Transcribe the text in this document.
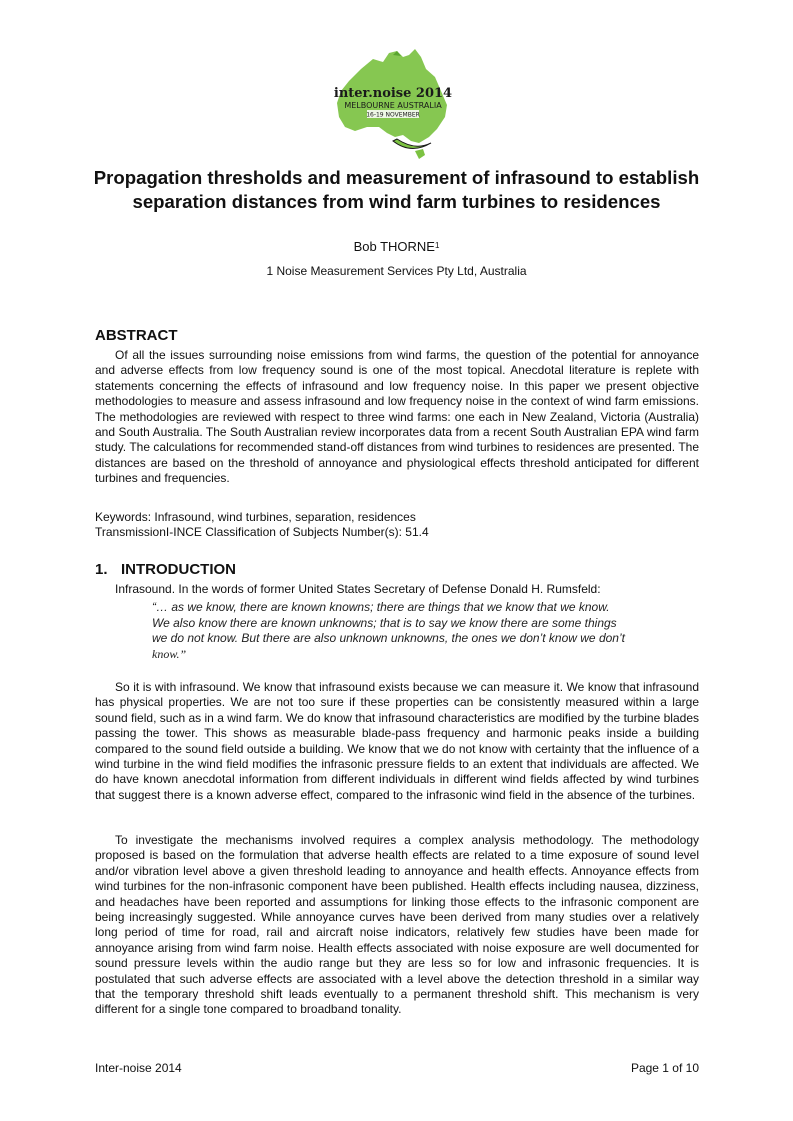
inter.noise 2014
MELBOURNE AUSTRALIA
16-19 NOVEMBER
Propagation thresholds and measurement of infrasound to establish
separation distances from wind farm turbines to residences
Bob THORNE$^1$
1 Noise Measurement Services Pty Ltd, Australia
ABSTRACT

Of all the issues surrounding noise emissions from wind farms, the question of the potential for annoyance and adverse effects from low frequency sound is one of the most topical. Anecdotal literature is replete with statements concerning the effects of infrasound and low frequency noise. In this paper we present objective methodologies to measure and assess infrasound and low frequency noise in the context of wind farm emissions. The methodologies are reviewed with respect to three wind farms: one each in New Zealand, Victoria (Australia) and South Australia. The South Australian review incorporates data from a recent South Australian EPA wind farm study. The calculations for recommended stand-off distances from wind turbines to residences are presented. The distances are based on the threshold of annoyance and physiological effects threshold anticipated for different turbines and frequencies.

Keywords: Infrasound, wind turbines, separation, residences

TransmissionI-INCE Classification of Subjects Number(s): 51.4

1. INTRODUCTION
Infrasound. In the words of former United States Secretary of Defense Donald H. Rumsfeld:

“… as we know, there are known knowns; there are things that we know that we know.
We also know there are known unknowns; that is to say we know there are some things
we do not know. But there are also unknown unknowns, the ones we don’t know we don’t
know.”

So it is with infrasound. We know that infrasound exists because we can measure it. We know that infrasound has physical properties. We are not too sure if these properties can be consistently measured within a large sound field, such as in a wind farm. We do know that infrasound characteristics are modified by the turbine blades passing the tower. This shows as measurable blade-pass frequency and harmonic peaks inside a building compared to the sound field outside a building. We know that we do not know with certainty that the influence of a wind turbine in the wind field modifies the infrasonic pressure fields to an extent that individuals are affected. We do have known anecdotal information from different individuals in different wind fields affected by wind turbines that suggest there is a known adverse effect, compared to the infrasonic wind field in the absence of the turbines.

To investigate the mechanisms involved requires a complex analysis methodology. The methodology proposed is based on the formulation that adverse health effects are related to a time exposure of sound level and/or vibration level above a given threshold leading to annoyance and health effects. Annoyance effects from wind turbines for the non-infrasonic component have been published. Health effects including nausea, dizziness, and headaches have been reported and assumptions for linking those effects to the infrasonic component are being increasingly suggested. While annoyance curves have been derived from many studies over a relatively long period of time for road, rail and aircraft noise indicators, relatively few studies have been made for annoyance arising from wind farm noise. Health effects associated with noise exposure are well documented for sound pressure levels within the audio range but they are less so for low and infrasonic frequencies. It is postulated that such adverse effects are associated with a level above the detection threshold in a similar way that the temporary threshold shift leads eventually to a permanent threshold shift. This mechanism is very different for a single tone compared to broadband tonality.

Inter-noise 2014	Page 1 of 10
